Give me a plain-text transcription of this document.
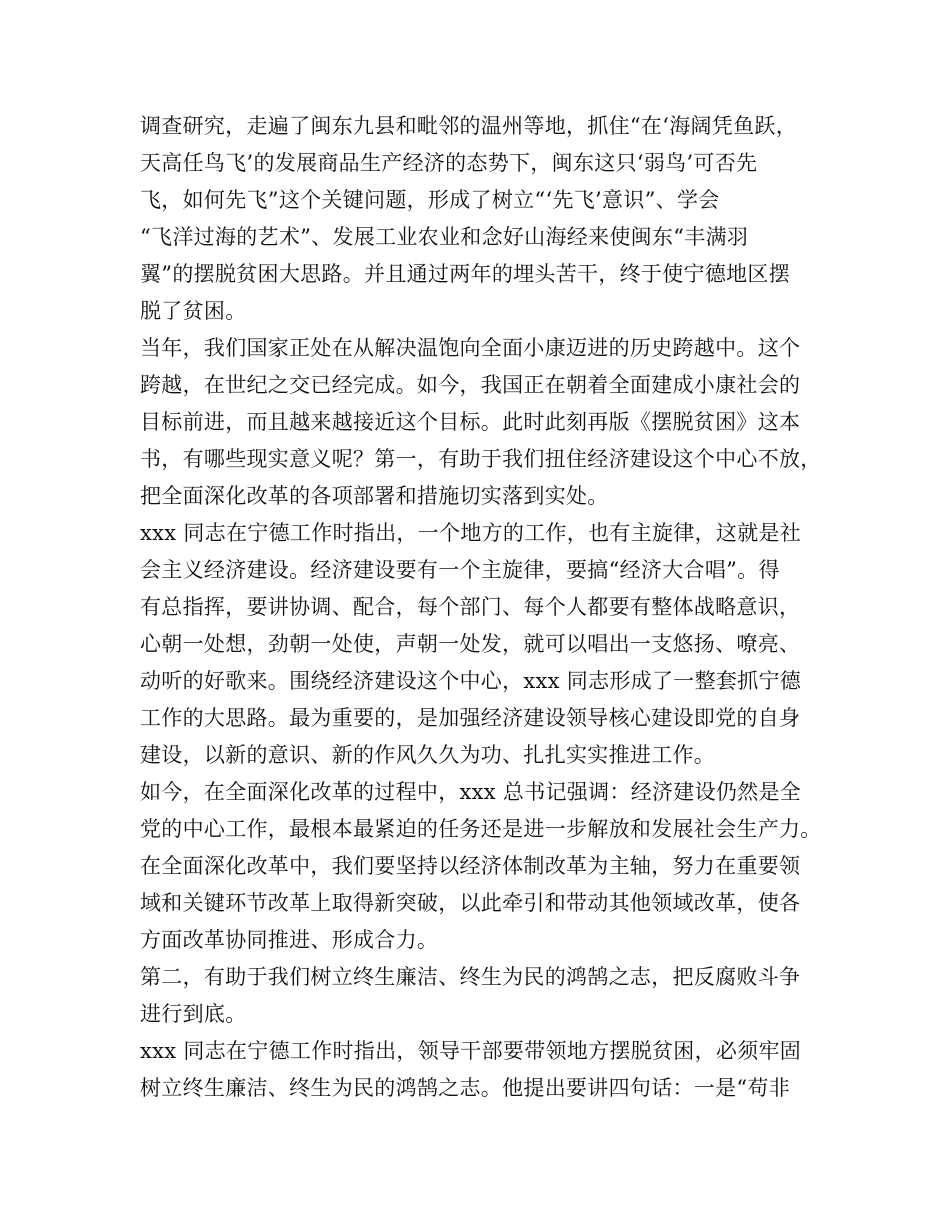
调查研究，走遍了闽东九县和毗邻的温州等地，抓住“在‘海阔凭鱼跃，
天高任鸟飞’的发展商品生产经济的态势下，闽东这只‘弱鸟’可否先
飞，如何先飞”这个关键问题，形成了树立“‘先飞’意识”、学会
“飞洋过海的艺术”、发展工业农业和念好山海经来使闽东“丰满羽
翼”的摆脱贫困大思路。并且通过两年的埋头苦干，终于使宁德地区摆
脱了贫困。
当年，我们国家正处在从解决温饱向全面小康迈进的历史跨越中。这个
跨越，在世纪之交已经完成。如今，我国正在朝着全面建成小康社会的
目标前进，而且越来越接近这个目标。此时此刻再版《摆脱贫困》这本
书，有哪些现实意义呢？第一，有助于我们扭住经济建设这个中心不放，
把全面深化改革的各项部署和措施切实落到实处。
xxx 同志在宁德工作时指出，一个地方的工作，也有主旋律，这就是社
会主义经济建设。经济建设要有一个主旋律，要搞“经济大合唱”。得
有总指挥，要讲协调、配合，每个部门、每个人都要有整体战略意识，
心朝一处想，劲朝一处使，声朝一处发，就可以唱出一支悠扬、嘹亮、
动听的好歌来。围绕经济建设这个中心，xxx 同志形成了一整套抓宁德
工作的大思路。最为重要的，是加强经济建设领导核心建设即党的自身
建设，以新的意识、新的作风久久为功、扎扎实实推进工作。
如今，在全面深化改革的过程中，xxx 总书记强调：经济建设仍然是全
党的中心工作，最根本最紧迫的任务还是进一步解放和发展社会生产力。
在全面深化改革中，我们要坚持以经济体制改革为主轴，努力在重要领
域和关键环节改革上取得新突破，以此牵引和带动其他领域改革，使各
方面改革协同推进、形成合力。
第二，有助于我们树立终生廉洁、终生为民的鸿鹄之志，把反腐败斗争
进行到底。
xxx 同志在宁德工作时指出，领导干部要带领地方摆脱贫困，必须牢固
树立终生廉洁、终生为民的鸿鹄之志。他提出要讲四句话：一是“苟非
